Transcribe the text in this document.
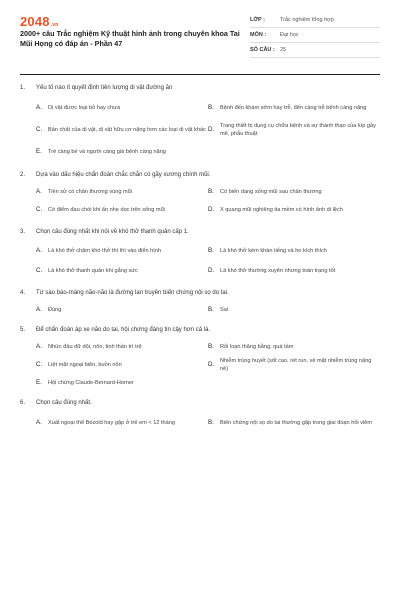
2048.vn
2000+ câu Trắc nghiệm Kỹ thuật hình ảnh trong chuyên khoa Tai Mũi Họng có đáp án - Phần 47
LỚP :	Trắc nghiệm tổng hợp
MÔN :	Đại học
SỐ CÂU : 25
1.	Yếu tố nào ít quyết định tiên lượng dị vật đường ăn
A.	Dị vật được loại bỏ hay chưa	B.	Bệnh đến khám sớm hay trễ, đến càng trễ bệnh càng nặng
C.	Bản chất của dị vật, dị vật hữu cơ nặng hơn các loại dị vật khác D.	Trang thiết bị dụng cụ chữa bệnh và sự thành thạo của kíp gây mê, phẫu thuật
E.	Trẻ càng bé và người càng già bệnh càng nặng
2.	Dựa vào dấu hiệu chẩn đoán chắc chắn có gãy xương chính mũi.
A.	Tiền sử có chấn thương vùng mũi	B.	Có biến dạng sống mũi sau chấn thương
C.	Có điểm đau chói khi ấn nhẹ dọc trên sống mũi	D.	X quang mũi nghiêng tia mềm có hình ảnh di lệch
3.	Chọn câu đúng nhất khi nói về khó thở thanh quản cấp 1.
A.	Là khó thở chậm khó thở thì thì vào điển hình	B.	Là khó thở kèm khàn tiếng và ho kích thích
C.	Là khó thở thanh quản khi gắng sức	D.	Là khó thở thường xuyên nhưng toàn trạng tốt
4.	Từ sào bào-màng não-não là đường lan truyền biến chứng nội sọ do tai.
A.	Đúng	B.	Sai
5.	Để chẩn đoán áp xe não do tai, hội chứng đáng tin cậy hơn cả là.
A.	Nhức đầu dữ dội, nôn, tinh thần trì trệ	B.	Rối loạn thăng bằng, quá tầm
C.	Liệt mặt ngoại biên, buồn nôn	D.	Nhiễm trùng huyết (sốt cao, rét run, vẻ mặt nhiễm trùng nặng nề)
E.	Hội chứng Claude-Bernard-Horner
6.	Chọn câu đúng nhất.
A.	Xuất ngoại thể Bézold hay gặp ở trẻ em < 12 tháng	B.	Biến chứng nội sọ do tai thường gặp trong giai đoạn hồi viêm
